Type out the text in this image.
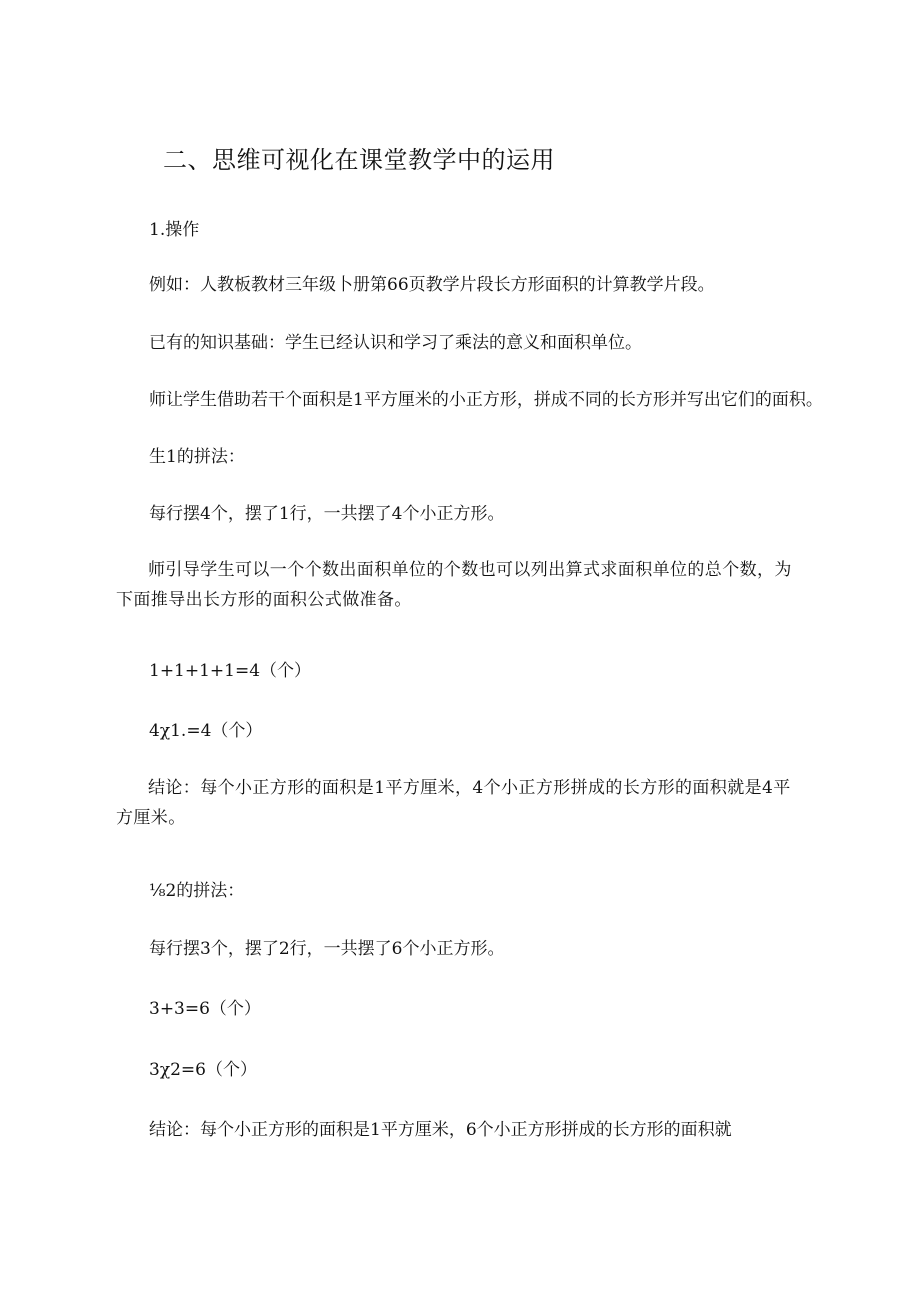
二、思维可视化在课堂教学中的运用
1.操作
例如：人教板教材三年级卜册第66页教学片段长方形面积的计算教学片段。
已有的知识基础：学生已经认识和学习了乘法的意义和面积单位。
师让学生借助若干个面积是1平方厘米的小正方形，拼成不同的长方形并写出它们的面积。
生1的拼法：
每行摆4个，摆了1行，一共摆了4个小正方形。
师引导学生可以一个个数出面积单位的个数也可以列出算式求面积单位的总个数，为下面推导出长方形的面积公式做准备。
1+1+1+1=4（个）
4χ1.=4（个）
结论：每个小正方形的面积是1平方厘米，4个小正方形拼成的长方形的面积就是4平方厘米。
⅛2的拼法：
每行摆3个，摆了2行，一共摆了6个小正方形。
3+3=6（个）
3χ2=6（个）
结论：每个小正方形的面积是1平方厘米，6个小正方形拼成的长方形的面积就
